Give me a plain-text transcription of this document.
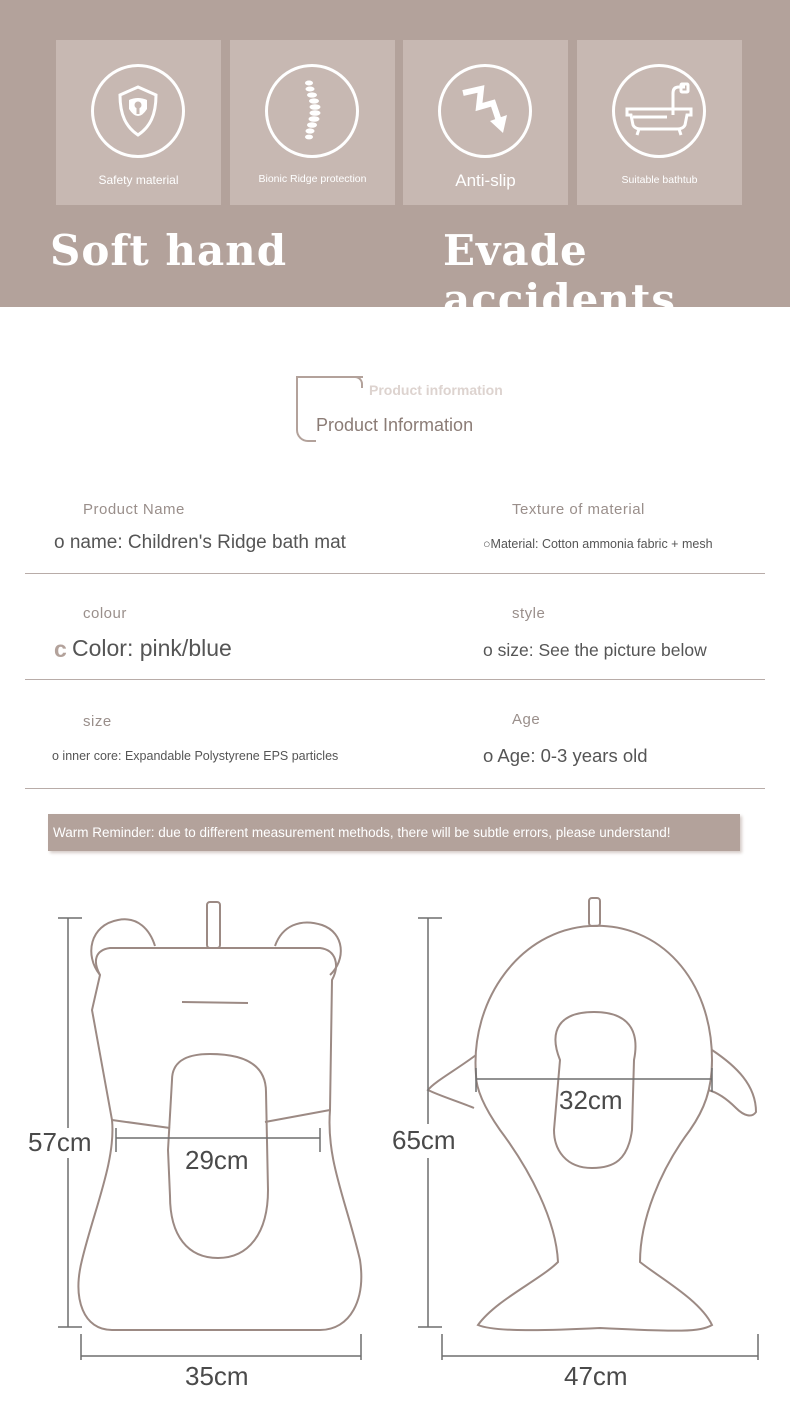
Safety material	Bionic Ridge protection	Anti-slip	Suitable bathtub
Soft hand	Evade accidents
Product information
Product Information
Product Name
o name: Children's Ridge bath mat
Texture of material
○Material: Cotton ammonia fabric + mesh
colour
c Color: pink/blue
style
o size: See the picture below
size
o inner core: Expandable Polystyrene EPS particles
Age
o Age: 0-3 years old
Warm Reminder: due to different measurement methods, there will be subtle errors, please understand!
57cm
29cm
35cm
65cm
32cm
47cm
